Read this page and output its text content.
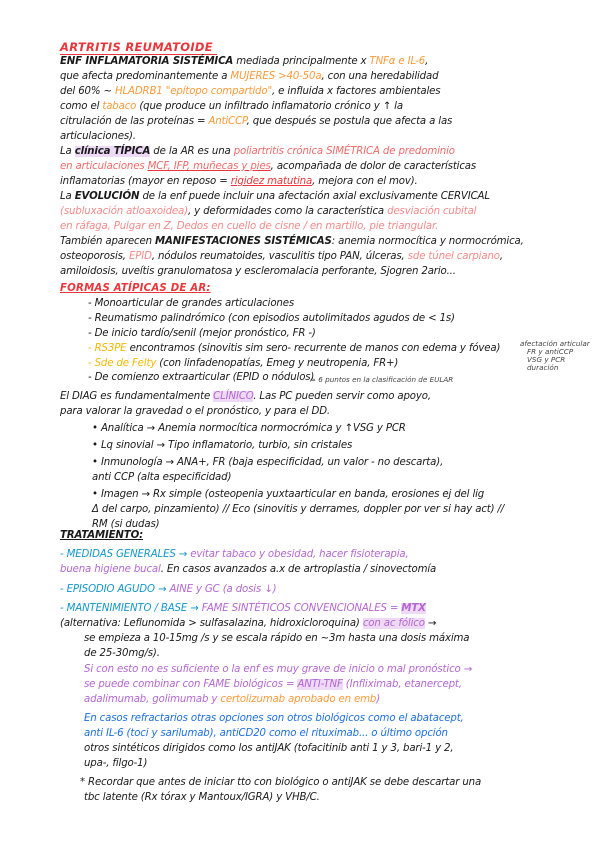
ARTRITIS REUMATOIDE
ENF INFLAMATORIA SISTÉMICA mediada principalmente x TNFα e IL-6,
que afecta predominantemente a MUJERES >40-50a, con una heredabilidad
del 60% ~ HLADRB1 "epítopo compartido", e influida x factores ambientales
como el tabaco (que produce un infiltrado inflamatorio crónico y ↑ la
citrulación de las proteínas = AntiCCP, que después se postula que afecta a las
articulaciones).
La clínica TÍPICA de la AR es una poliartritis crónica SIMÉTRICA de predominio
en articulaciones MCF, IFP, muñecas y pies, acompañada de dolor de características
inflamatorias (mayor en reposo = rigidez matutina, mejora con el mov).
La EVOLUCIÓN de la enf puede incluir una afectación axial exclusivamente CERVICAL
(subluxación atloaxoidea), y deformidades como la característica desviación cubital
en ráfaga, Pulgar en Z, Dedos en cuello de cisne / en martillo, pie triangular.
También aparecen MANIFESTACIONES SISTÉMICAS: anemia normocítica y normocrómica,
osteoporosis, EPID, nódulos reumatoides, vasculitis tipo PAN, úlceras, sde túnel carpiano,
amiloidosis, uveítis granulomatosa y escleromalacia perforante, Sjogren 2ario...
FORMAS ATÍPICAS DE AR:
- Monoarticular de grandes articulaciones
- Reumatismo palindrómico (con episodios autolimitados agudos de < 1s)
- De inicio tardío/senil (mejor pronóstico, FR -)
- RS3PE encontramos (sinovitis sim sero- recurrente de manos con edema y fóvea)
- Sde de Felty (con linfadenopatías, Emeg y neutropenia, FR+)
- De comienzo extraarticular (EPID o nódulos)
≈ 6 puntos en la clasificación de EULAR
afectación articular
FR y antiCCP
VSG y PCR
duración
El DIAG es fundamentalmente CLÍNICO. Las PC pueden servir como apoyo,
para valorar la gravedad o el pronóstico, y para el DD.
• Analítica → Anemia normocítica normocrómica y ↑VSG y PCR
• Lq sinovial → Tipo inflamatorio, turbio, sin cristales
• Inmunología → ANA+, FR (baja especificidad, un valor - no descarta),
anti CCP (alta especificidad)
• Imagen → Rx simple (osteopenia yuxtaarticular en banda, erosiones ej del lig
Δ del carpo, pinzamiento) // Eco (sinovitis y derrames, doppler por ver si hay act) //
RM (si dudas)
TRATAMIENTO:
- MEDIDAS GENERALES → evitar tabaco y obesidad, hacer fisioterapia,
buena higiene bucal. En casos avanzados a.x de artroplastia / sinovectomía
- EPISODIO AGUDO → AINE y GC (a dosis ↓)
- MANTENIMIENTO / BASE → FAME SINTÉTICOS CONVENCIONALES = MTX
(alternativa: Leflunomida > sulfasalazina, hidroxicloroquina) con ac fólico →
se empieza a 10-15mg /s y se escala rápido en ~3m hasta una dosis máxima
de 25-30mg/s).
Si con esto no es suficiente o la enf es muy grave de inicio o mal pronóstico →
se puede combinar con FAME biológicos = ANTI-TNF (Infliximab, etanercept,
adalimumab, golimumab y certolizumab aprobado en emb)
En casos refractarios otras opciones son otros biológicos como el abatacept,
anti IL-6 (toci y sarilumab), antiCD20 como el rituximab... o último opción
otros sintéticos dirigidos como los antiJAK (tofacitinib anti 1 y 3, bari-1 y 2,
upa-, filgo-1)
* Recordar que antes de iniciar tto con biológico o antiJAK se debe descartar una
tbc latente (Rx tórax y Mantoux/IGRA) y VHB/C.
